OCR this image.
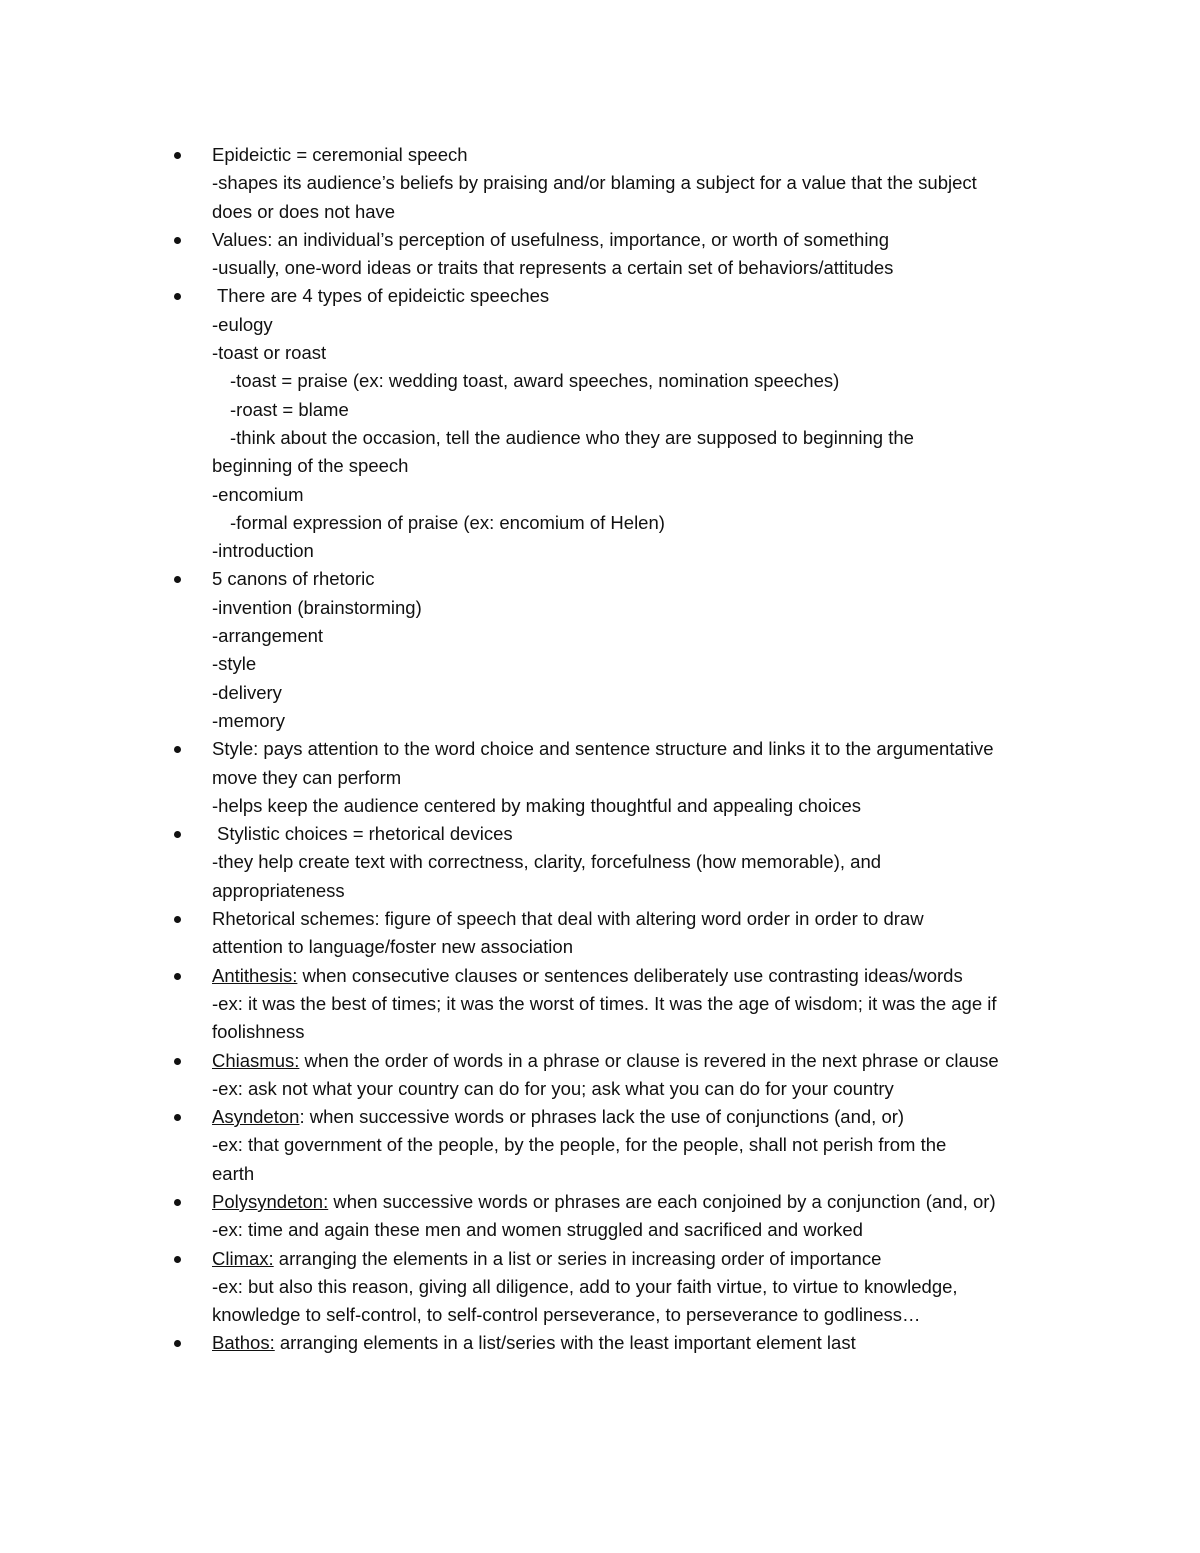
Epideictic = ceremonial speech
-shapes its audience’s beliefs by praising and/or blaming a subject for a value that the subject
does or does not have
Values: an individual’s perception of usefulness, importance, or worth of something
-usually, one-word ideas or traits that represents a certain set of behaviors/attitudes
There are 4 types of epideictic speeches
-eulogy
-toast or roast
-toast = praise (ex: wedding toast, award speeches, nomination speeches)
-roast = blame
-think about the occasion, tell the audience who they are supposed to beginning the
beginning of the speech
-encomium
-formal expression of praise (ex: encomium of Helen)
-introduction
5 canons of rhetoric
-invention (brainstorming)
-arrangement
-style
-delivery
-memory
Style: pays attention to the word choice and sentence structure and links it to the argumentative
move they can perform
-helps keep the audience centered by making thoughtful and appealing choices
Stylistic choices = rhetorical devices
-they help create text with correctness, clarity, forcefulness (how memorable), and
appropriateness
Rhetorical schemes: figure of speech that deal with altering word order in order to draw
attention to language/foster new association
Antithesis: when consecutive clauses or sentences deliberately use contrasting ideas/words
-ex: it was the best of times; it was the worst of times. It was the age of wisdom; it was the age if
foolishness
Chiasmus: when the order of words in a phrase or clause is revered in the next phrase or clause
-ex: ask not what your country can do for you; ask what you can do for your country
Asyndeton: when successive words or phrases lack the use of conjunctions (and, or)
-ex: that government of the people, by the people, for the people, shall not perish from the
earth
Polysyndeton: when successive words or phrases are each conjoined by a conjunction (and, or)
-ex: time and again these men and women struggled and sacrificed and worked
Climax: arranging the elements in a list or series in increasing order of importance
-ex: but also this reason, giving all diligence, add to your faith virtue, to virtue to knowledge,
knowledge to self-control, to self-control perseverance, to perseverance to godliness…
Bathos: arranging elements in a list/series with the least important element last
